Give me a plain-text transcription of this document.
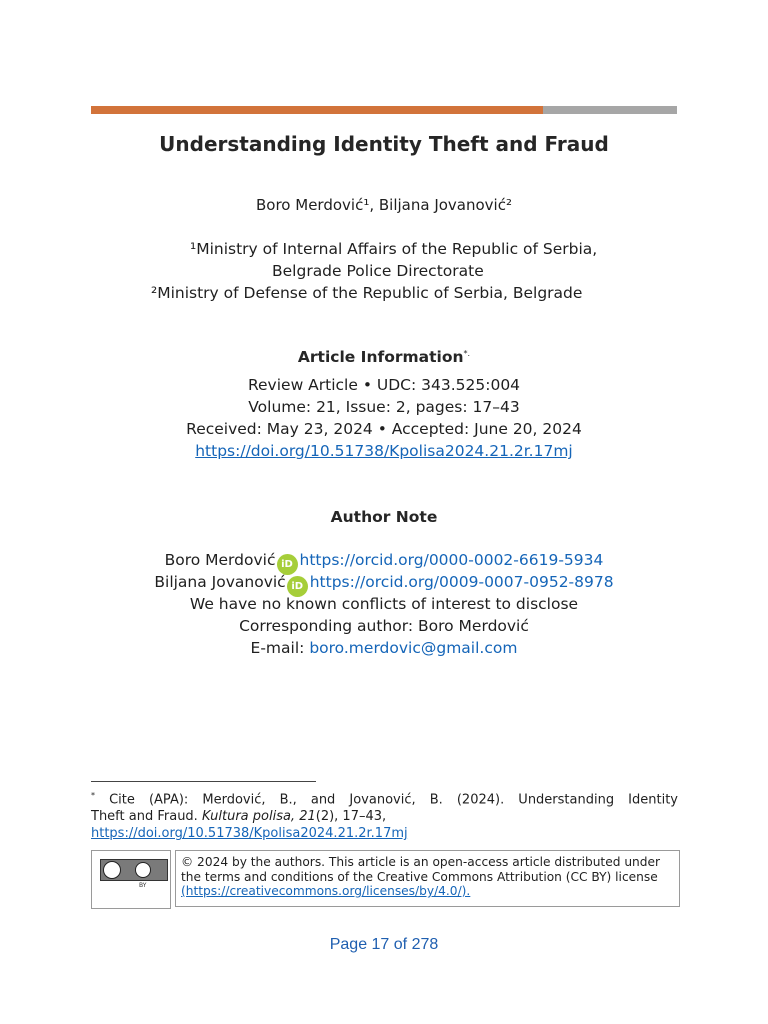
Understanding Identity Theft and Fraud
Boro Merdović¹, Biljana Jovanović²
¹Ministry of Internal Affairs of the Republic of Serbia,
Belgrade Police Directorate
²Ministry of Defense of the Republic of Serbia, Belgrade
Article Information*.
Review Article • UDC: 343.525:004
Volume: 21, Issue: 2, pages: 17–43
Received: May 23, 2024 • Accepted: June 20, 2024
https://doi.org/10.51738/Kpolisa2024.21.2r.17mj
Author Note
Boro Merdović iD https://orcid.org/0000-0002-6619-5934
Biljana Jovanović iD https://orcid.org/0009-0007-0952-8978
We have no known conflicts of interest to disclose
Corresponding author: Boro Merdović
E-mail: boro.merdovic@gmail.com
* Cite (APA): Merdović, B., and Jovanović, B. (2024). Understanding Identity
Theft and Fraud. Kultura polisa, 21(2), 17–43,
https://doi.org/10.51738/Kpolisa2024.21.2r.17mj
BY
© 2024 by the authors. This article is an open-access article distributed under
the terms and conditions of the Creative Commons Attribution (CC BY) license
(https://creativecommons.org/licenses/by/4.0/).
Page 17 of 278
